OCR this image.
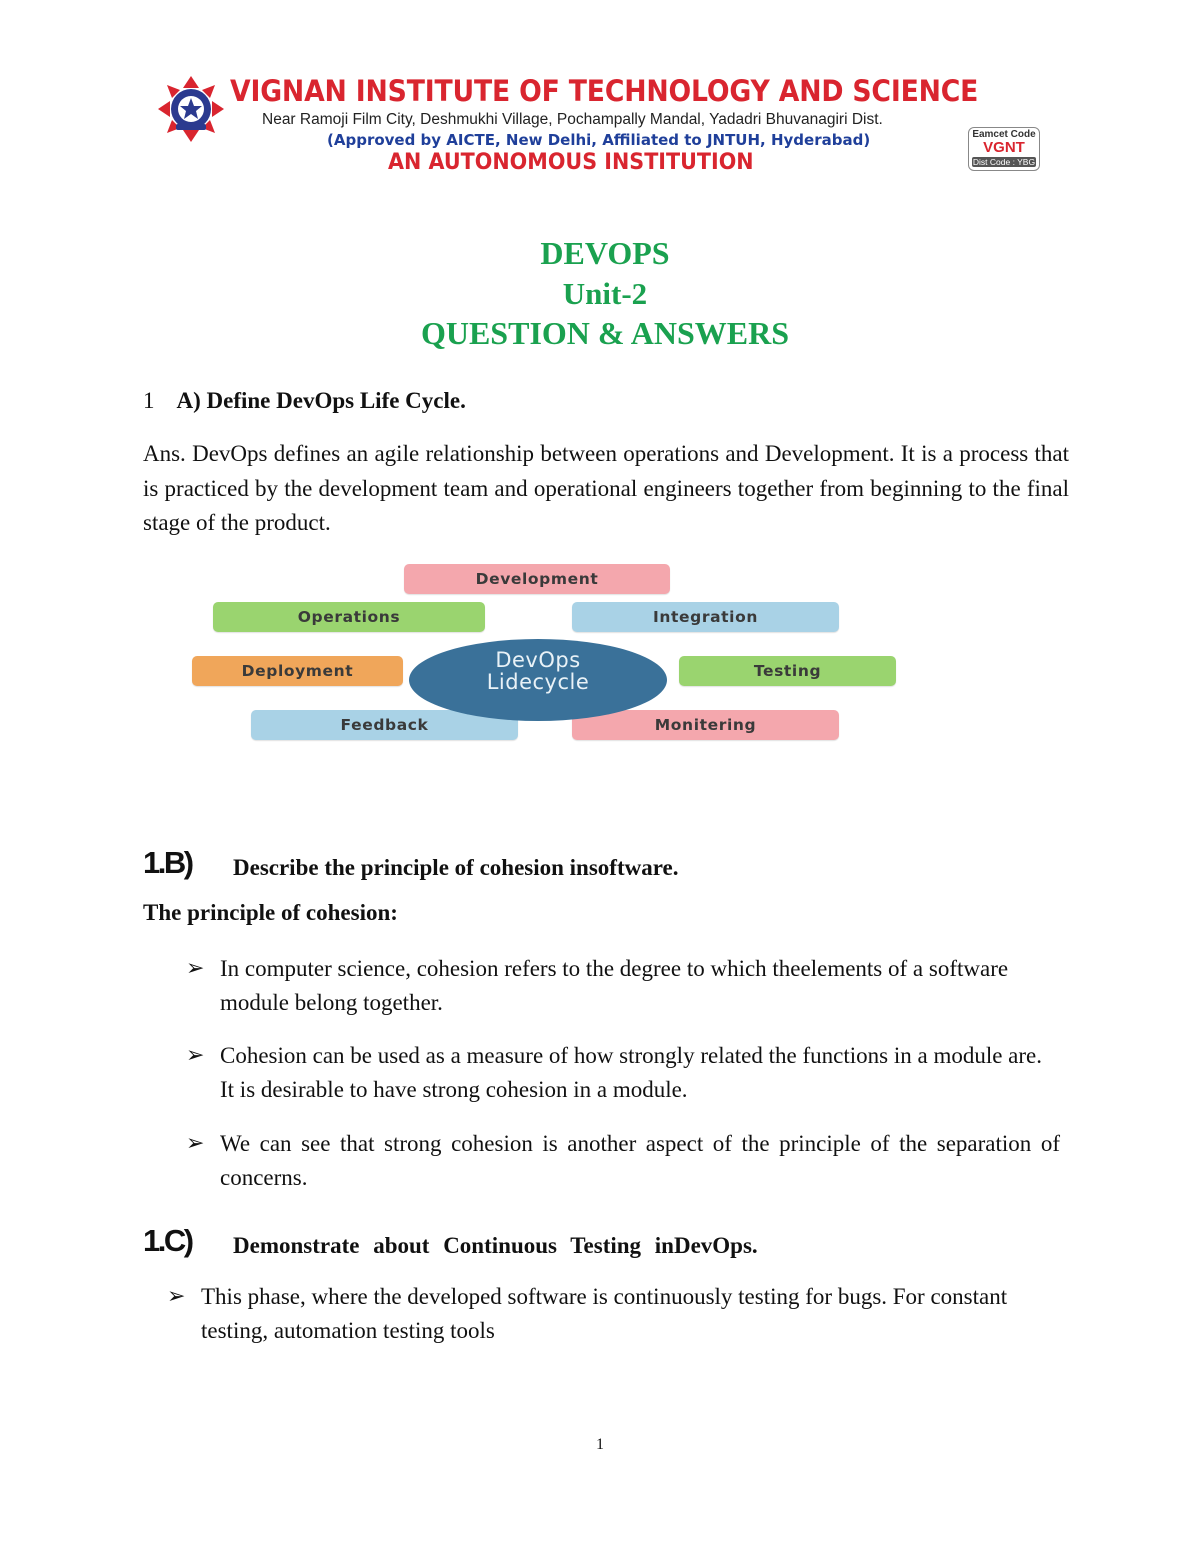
VIGNAN INSTITUTE OF TECHNOLOGY AND SCIENCE
Near Ramoji Film City, Deshmukhi Village, Pochampally Mandal, Yadadri Bhuvanagiri Dist.
(Approved by AICTE, New Delhi, Affiliated to JNTUH, Hyderabad)
AN AUTONOMOUS INSTITUTION
Eamcet Code
VGNT
Dist Code : YBG
DEVOPS
Unit-2
QUESTION & ANSWERS
1 A) Define DevOps Life Cycle.
Ans. DevOps defines an agile relationship between operations and Development. It is a process that is practiced by the development team and operational engineers together from beginning to the final stage of the product.
Development
Operations	Integration
Deployment	Testing
Feedback	Monitering
DevOps
Lidecycle
1.B) Describe the principle of cohesion insoftware.
The principle of cohesion:
➢ In computer science, cohesion refers to the degree to which theelements of a software module belong together.
➢ Cohesion can be used as a measure of how strongly related the functions in a module are. It is desirable to have strong cohesion in a module.
➢ We can see that strong cohesion is another aspect of the principle of the separation of concerns.
1.C) Demonstrate about Continuous Testing inDevOps.
➢ This phase, where the developed software is continuously testing for bugs. For constant testing, automation testing tools
1
